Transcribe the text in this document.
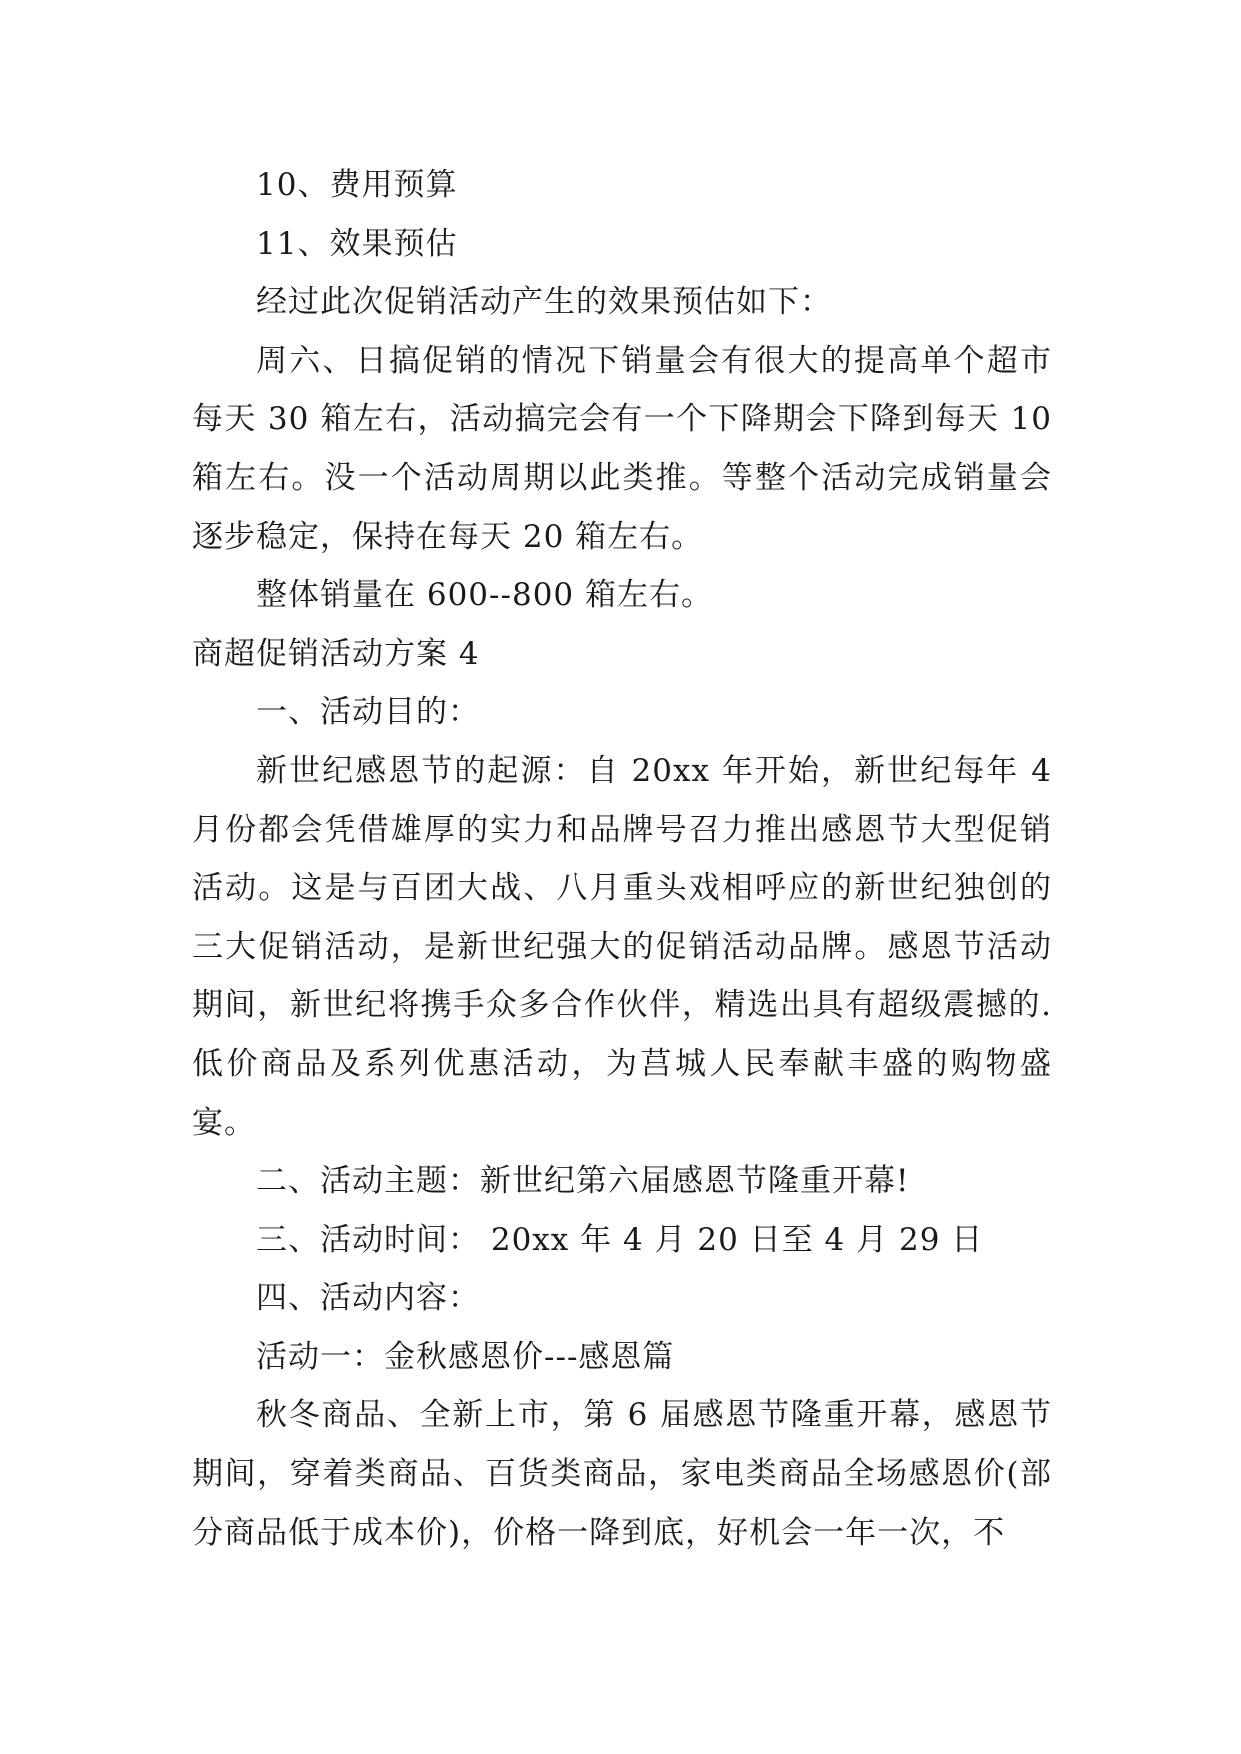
10、费用预算

11、效果预估

经过此次促销活动产生的效果预估如下：

周六、日搞促销的情况下销量会有很大的提高单个超市每天 30 箱左右，活动搞完会有一个下降期会下降到每天 10 箱左右。没一个活动周期以此类推。等整个活动完成销量会逐步稳定，保持在每天 20 箱左右。

整体销量在 600--800 箱左右。

商超促销活动方案 4

一、活动目的：

新世纪感恩节的起源：自 20xx 年开始，新世纪每年 4 月份都会凭借雄厚的实力和品牌号召力推出感恩节大型促销活动。这是与百团大战、八月重头戏相呼应的新世纪独创的三大促销活动，是新世纪强大的促销活动品牌。感恩节活动期间，新世纪将携手众多合作伙伴，精选出具有超级震撼的.低价商品及系列优惠活动，为莒城人民奉献丰盛的购物盛宴。

二、活动主题：新世纪第六届感恩节隆重开幕!

三、活动时间： 20xx 年 4 月 20 日至 4 月 29 日

四、活动内容：

活动一：金秋感恩价---感恩篇

秋冬商品、全新上市，第 6 届感恩节隆重开幕，感恩节期间，穿着类商品、百货类商品，家电类商品全场感恩价(部分商品低于成本价)，价格一降到底，好机会一年一次，不
